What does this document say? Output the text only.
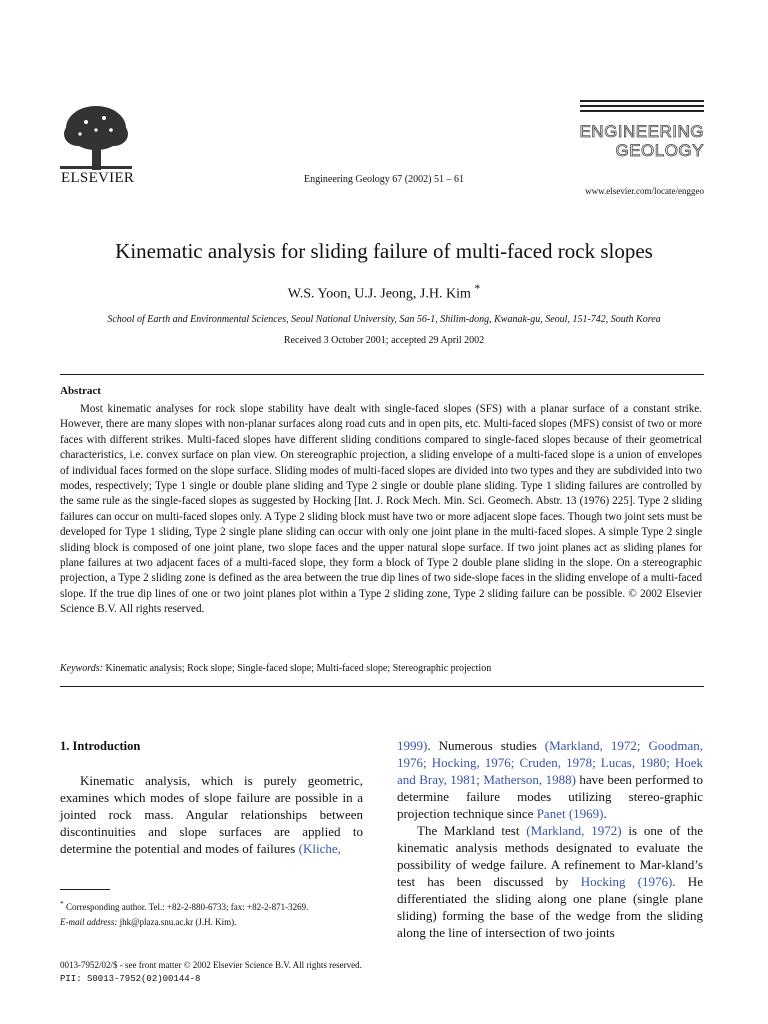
ELSEVIER	Engineering Geology 67 (2002) 51 – 61
ENGINEERING
GEOLOGY
www.elsevier.com/locate/enggeo
Kinematic analysis for sliding failure of multi-faced rock slopes
W.S. Yoon, U.J. Jeong, J.H. Kim *
School of Earth and Environmental Sciences, Seoul National University, San 56-1, Shilim-dong, Kwanak-gu, Seoul, 151-742, South Korea
Received 3 October 2001; accepted 29 April 2002
Abstract
Most kinematic analyses for rock slope stability have dealt with single-faced slopes (SFS) with a planar surface of a constant strike. However, there are many slopes with non-planar surfaces along road cuts and in open pits, etc. Multi-faced slopes (MFS) consist of two or more faces with different strikes. Multi-faced slopes have different sliding conditions compared to single-faced slopes because of their geometrical characteristics, i.e. convex surface on plan view. On stereographic projection, a sliding envelope of a multi-faced slope is a union of envelopes of individual faces formed on the slope surface. Sliding modes of multi-faced slopes are divided into two types and they are subdivided into two modes, respectively; Type 1 single or double plane sliding and Type 2 single or double plane sliding. Type 1 sliding failures are controlled by the same rule as the single-faced slopes as suggested by Hocking [Int. J. Rock Mech. Min. Sci. Geomech. Abstr. 13 (1976) 225]. Type 2 sliding failures can occur on multi-faced slopes only. A Type 2 sliding block must have two or more adjacent slope faces. Though two joint sets must be developed for Type 1 sliding, Type 2 single plane sliding can occur with only one joint plane in the multi-faced slopes. A simple Type 2 single sliding block is composed of one joint plane, two slope faces and the upper natural slope surface. If two joint planes act as sliding planes for plane failures at two adjacent faces of a multi-faced slope, they form a block of Type 2 double plane sliding in the slope. On a stereographic projection, a Type 2 sliding zone is defined as the area between the true dip lines of two side-slope faces in the sliding envelope of a multi-faced slope. If the true dip lines of one or two joint planes plot within a Type 2 sliding zone, Type 2 sliding failure can be possible. © 2002 Elsevier Science B.V. All rights reserved.
Keywords: Kinematic analysis; Rock slope; Single-faced slope; Multi-faced slope; Stereographic projection
1. Introduction

Kinematic analysis, which is purely geometric, examines which modes of slope failure are possible in a jointed rock mass. Angular relationships between discontinuities and slope surfaces are applied to determine the potential and modes of failures (Kliche,

1999). Numerous studies (Markland, 1972; Goodman, 1976; Hocking, 1976; Cruden, 1978; Lucas, 1980; Hoek and Bray, 1981; Matherson, 1988) have been performed to determine failure modes utilizing stereo-graphic projection technique since Panet (1969).

The Markland test (Markland, 1972) is one of the kinematic analysis methods designated to evaluate the possibility of wedge failure. A refinement to Mar-kland’s test has been discussed by Hocking (1976). He differentiated the sliding along one plane (single plane sliding) forming the base of the wedge from the sliding along the line of intersection of two joints

* Corresponding author. Tel.: +82-2-880-6733; fax: +82-2-871-3269.
E-mail address: jhk@plaza.snu.ac.kr (J.H. Kim).
0013-7952/02/$ - see front matter © 2002 Elsevier Science B.V. All rights reserved.
PII: S0013-7952(02)00144-8
